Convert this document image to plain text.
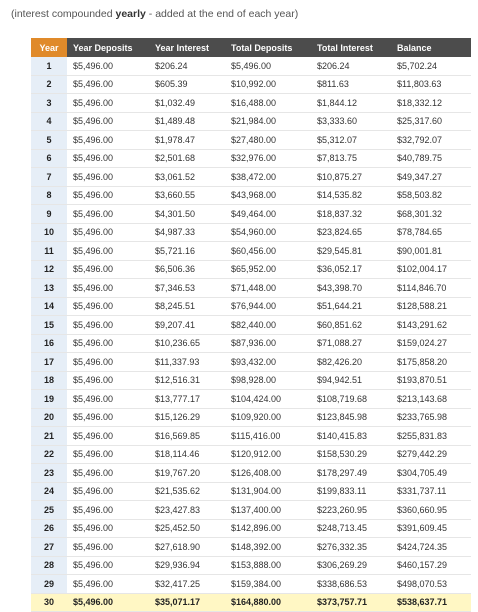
(interest compounded yearly - added at the end of each year)
Year	Year Deposits	Year Interest	Total Deposits	Total Interest	Balance
1	$5,496.00	$206.24	$5,496.00	$206.24	$5,702.24
2	$5,496.00	$605.39	$10,992.00	$811.63	$11,803.63
3	$5,496.00	$1,032.49	$16,488.00	$1,844.12	$18,332.12
4	$5,496.00	$1,489.48	$21,984.00	$3,333.60	$25,317.60
5	$5,496.00	$1,978.47	$27,480.00	$5,312.07	$32,792.07
6	$5,496.00	$2,501.68	$32,976.00	$7,813.75	$40,789.75
7	$5,496.00	$3,061.52	$38,472.00	$10,875.27	$49,347.27
8	$5,496.00	$3,660.55	$43,968.00	$14,535.82	$58,503.82
9	$5,496.00	$4,301.50	$49,464.00	$18,837.32	$68,301.32
10	$5,496.00	$4,987.33	$54,960.00	$23,824.65	$78,784.65
11	$5,496.00	$5,721.16	$60,456.00	$29,545.81	$90,001.81
12	$5,496.00	$6,506.36	$65,952.00	$36,052.17	$102,004.17
13	$5,496.00	$7,346.53	$71,448.00	$43,398.70	$114,846.70
14	$5,496.00	$8,245.51	$76,944.00	$51,644.21	$128,588.21
15	$5,496.00	$9,207.41	$82,440.00	$60,851.62	$143,291.62
16	$5,496.00	$10,236.65	$87,936.00	$71,088.27	$159,024.27
17	$5,496.00	$11,337.93	$93,432.00	$82,426.20	$175,858.20
18	$5,496.00	$12,516.31	$98,928.00	$94,942.51	$193,870.51
19	$5,496.00	$13,777.17	$104,424.00	$108,719.68	$213,143.68
20	$5,496.00	$15,126.29	$109,920.00	$123,845.98	$233,765.98
21	$5,496.00	$16,569.85	$115,416.00	$140,415.83	$255,831.83
22	$5,496.00	$18,114.46	$120,912.00	$158,530.29	$279,442.29
23	$5,496.00	$19,767.20	$126,408.00	$178,297.49	$304,705.49
24	$5,496.00	$21,535.62	$131,904.00	$199,833.11	$331,737.11
25	$5,496.00	$23,427.83	$137,400.00	$223,260.95	$360,660.95
26	$5,496.00	$25,452.50	$142,896.00	$248,713.45	$391,609.45
27	$5,496.00	$27,618.90	$148,392.00	$276,332.35	$424,724.35
28	$5,496.00	$29,936.94	$153,888.00	$306,269.29	$460,157.29
29	$5,496.00	$32,417.25	$159,384.00	$338,686.53	$498,070.53
30	$5,496.00	$35,071.17	$164,880.00	$373,757.71	$538,637.71
